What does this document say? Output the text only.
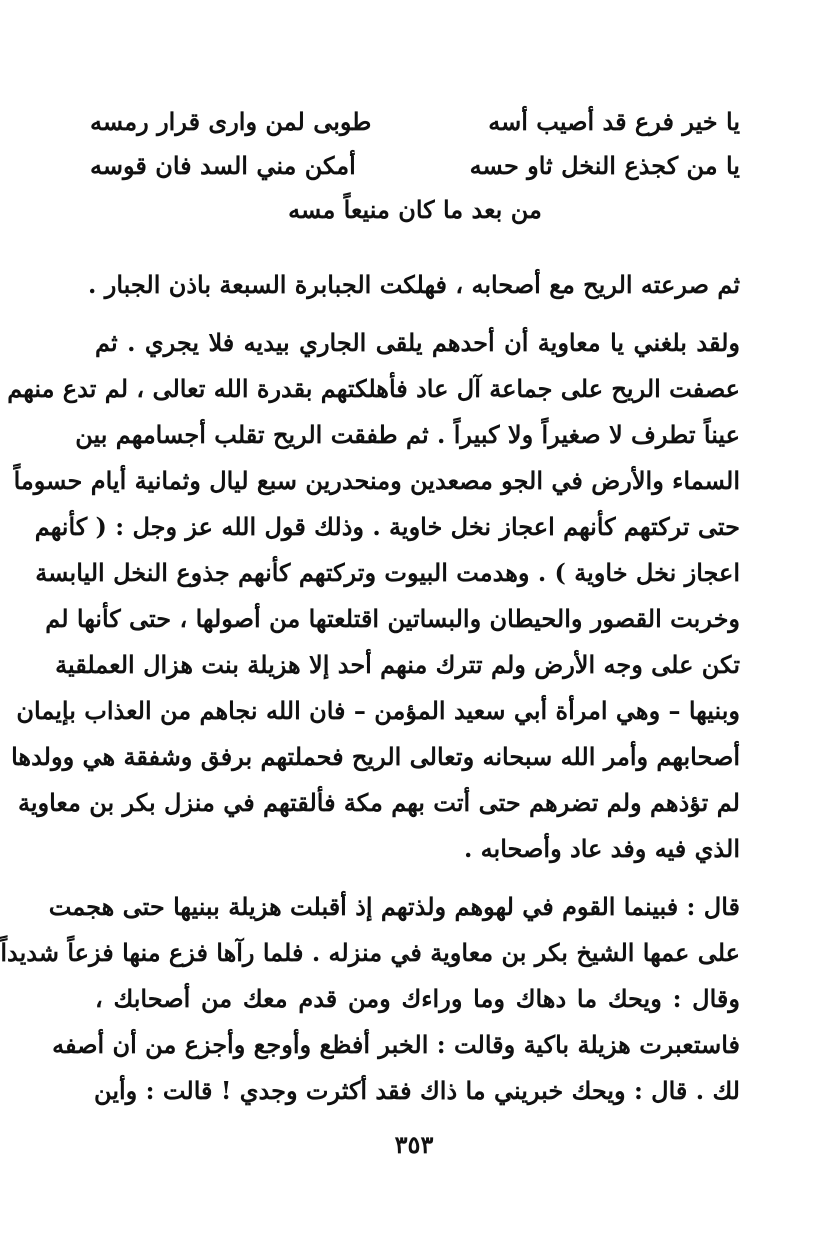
يا خير فرع قد أصيب أسه
طوبى لمن وارى قرار رمسه
يا من كجذع النخل ثاو حسه
أمكن مني السد فان قوسه
من بعد ما كان منيعاً مسه
ثم صرعته الريح مع أصحابه ، فهلكت الجبابرة السبعة باذن الجبار .
ولقد بلغني يا معاوية أن أحدهم يلقى الجاري بيديه فلا يجري . ثم
عصفت الريح على جماعة آل عاد فأهلكتهم بقدرة الله تعالى ، لم تدع منهم
عيناً تطرف لا صغيراً ولا كبيراً . ثم طفقت الريح تقلب أجسامهم بين
السماء والأرض في الجو مصعدين ومنحدرين سبع ليال وثمانية أيام حسوماً
حتى تركتهم كأنهم اعجاز نخل خاوية . وذلك قول الله عز وجل : ( كأنهم
اعجاز نخل خاوية ) . وهدمت البيوت وتركتهم كأنهم جذوع النخل اليابسة
وخربت القصور والحيطان والبساتين اقتلعتها من أصولها ، حتى كأنها لم
تكن على وجه الأرض ولم تترك منهم أحد إلا هزيلة بنت هزال العملقية
وبنيها – وهي امرأة أبي سعيد المؤمن – فان الله نجاهم من العذاب بإيمان
أصحابهم وأمر الله سبحانه وتعالى الريح فحملتهم برفق وشفقة هي وولدها
لم تؤذهم ولم تضرهم حتى أتت بهم مكة فألقتهم في منزل بكر بن معاوية
الذي فيه وفد عاد وأصحابه .
قال : فبينما القوم في لهوهم ولذتهم إذ أقبلت هزيلة ببنيها حتى هجمت
على عمها الشيخ بكر بن معاوية في منزله . فلما رآها فزع منها فزعاً شديداً
وقال : ويحك ما دهاك وما وراءك ومن قدم معك من أصحابك ،
فاستعبرت هزيلة باكية وقالت : الخبر أفظع وأوجع وأجزع من أن أصفه
لك . قال : ويحك خبريني ما ذاك فقد أكثرت وجدي ! قالت : وأين
٣٥٣
